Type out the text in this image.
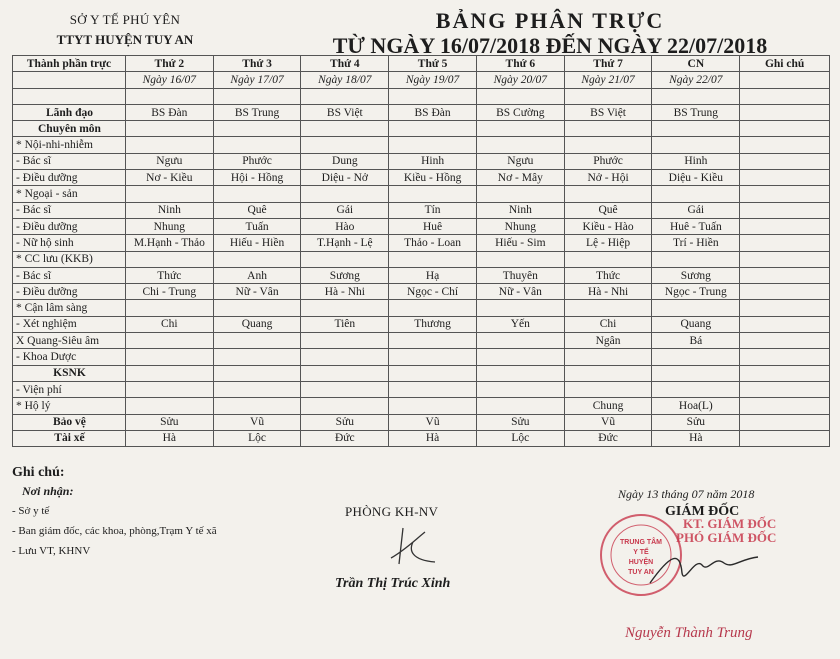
SỞ Y TẾ PHÚ YÊN
TTYT HUYỆN TUY AN
BẢNG PHÂN TRỰC
TỪ NGÀY 16/07/2018 ĐẾN NGÀY 22/07/2018
Thành phần trực	Thứ 2	Thứ 3	Thứ 4	Thứ 5	Thứ 6	Thứ 7	CN	Ghi chú
	Ngày 16/07	Ngày 17/07	Ngày 18/07	Ngày 19/07	Ngày 20/07	Ngày 21/07	Ngày 22/07	

Lãnh đạo	BS Đàn	BS Trung	BS Việt	BS Đàn	BS Cường	BS Việt	BS Trung	
Chuyên môn								
* Nội-nhi-nhiễm								
- Bác sĩ	Ngưu	Phước	Dung	Hinh	Ngưu	Phước	Hinh	
- Điều dưỡng	Nơ - Kiều	Hội - Hồng	Diệu - Nở	Kiều - Hồng	Nơ - Mây	Nở - Hội	Diệu - Kiều	
* Ngoại - sản								
- Bác sĩ	Ninh	Quê	Gái	Tín	Ninh	Quê	Gái	
- Điều dưỡng	Nhung	Tuấn	Hào	Huê	Nhung	Kiều - Hào	Huê - Tuấn	
- Nữ hộ sinh	M.Hạnh - Thảo	Hiếu - Hiền	T.Hạnh - Lệ	Thảo - Loan	Hiếu - Sim	Lệ - Hiệp	Trí - Hiền	
* CC lưu (KKB)								
- Bác sĩ	Thức	Anh	Sương	Hạ	Thuyên	Thức	Sương	
- Điều dưỡng	Chi - Trung	Nữ - Vân	Hà - Nhi	Ngọc - Chí	Nữ - Vân	Hà - Nhi	Ngọc - Trung	
* Cận lâm sàng								
- Xét nghiệm	Chi	Quang	Tiên	Thương	Yến	Chi	Quang	
X Quang-Siêu âm						Ngân	Bá	
- Khoa Dược								
KSNK								
- Viện phí								
* Hộ lý						Chung	Hoa(L)	
Bảo vệ	Sửu	Vũ	Sửu	Vũ	Sửu	Vũ	Sửu	
Tài xế	Hà	Lộc	Đức	Hà	Lộc	Đức	Hà	
Ghi chú:
Nơi nhận:
- Sở y tế
- Ban giám đốc, các khoa, phòng,Trạm Y tế xã
- Lưu VT, KHNV
PHÒNG KH-NV
Trần Thị Trúc Xinh
Ngày 13 tháng 07 năm 2018
GIÁM ĐỐC
TRUNG TÂM
Y TẾ
HUYỆN
TUY AN
KT. GIÁM ĐỐC
PHÓ GIÁM ĐỐC
Nguyễn Thành Trung
